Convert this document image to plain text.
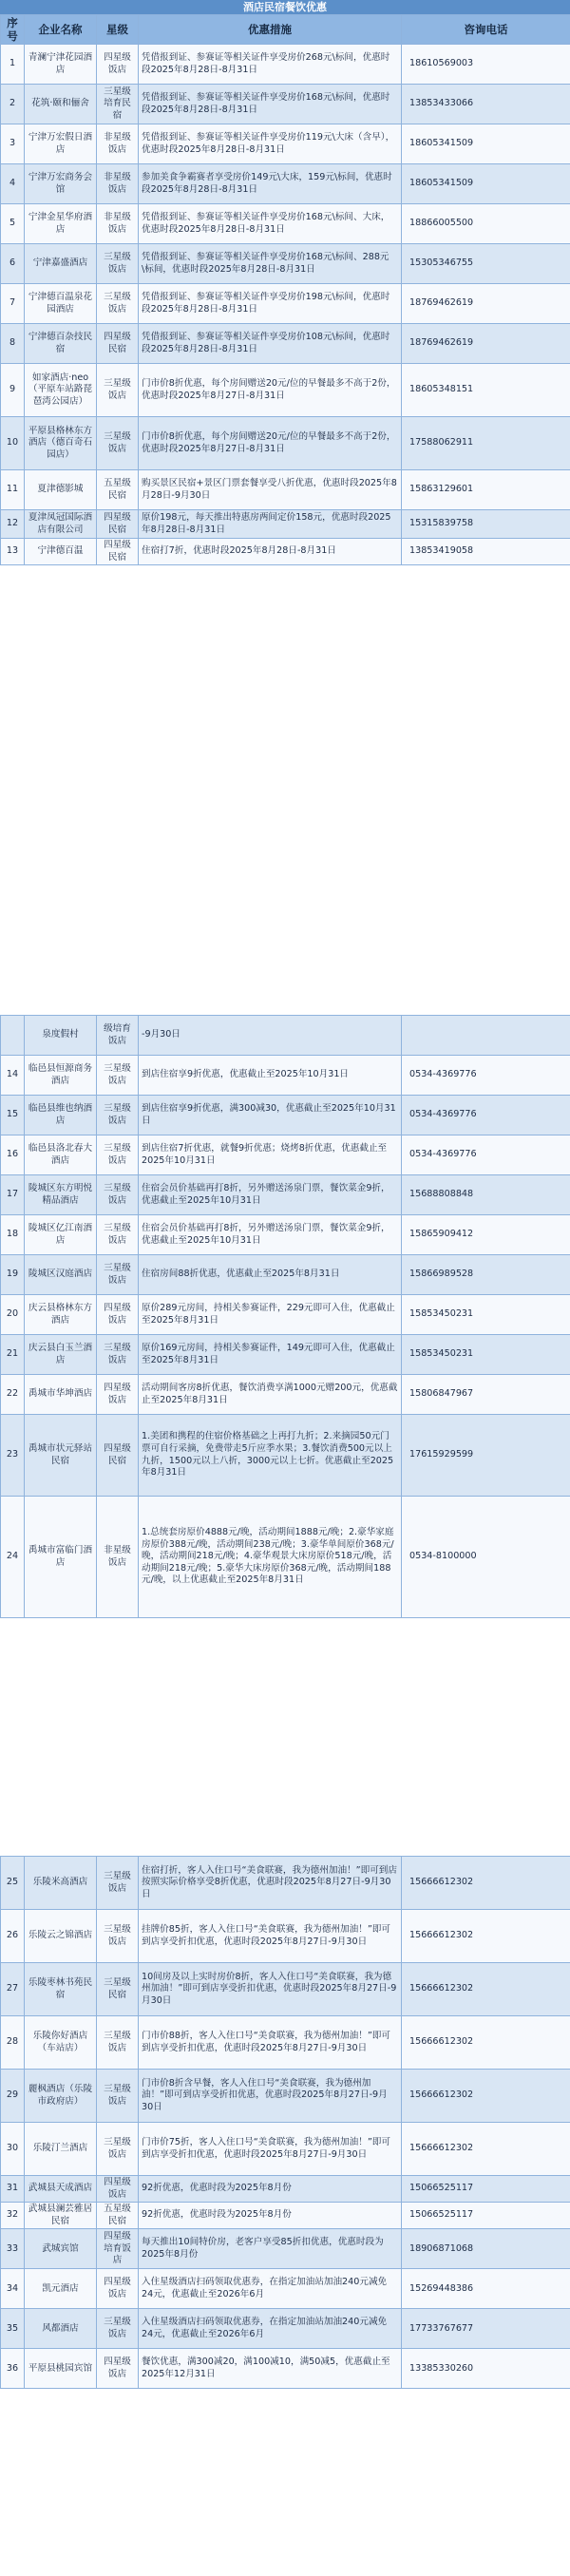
酒店民宿餐饮优惠
序号	企业名称	星级	优惠措施	咨询电话
1	青澜宁津花园酒店	四星级饭店	凭借报到证、参赛证等相关证件享受房价268元\标间，优惠时段2025年8月28日-8月31日	18610569003
2	花筑·颐和俪舍	三星级培育民宿	凭借报到证、参赛证等相关证件享受房价168元\标间，优惠时段2025年8月28日-8月31日	13853433066
3	宁津万宏假日酒店	非星级饭店	凭借报到证、参赛证等相关证件享受房价119元\大床（含早），优惠时段2025年8月28日-8月31日	18605341509
4	宁津万宏商务会馆	非星级饭店	参加美食争霸赛者享受房价149元\大床，159元\标间，优惠时段2025年8月28日-8月31日	18605341509
5	宁津金星华府酒店	非星级饭店	凭借报到证、参赛证等相关证件享受房价168元\标间、大床，优惠时段2025年8月28日-8月31日	18866005500
6	宁津嘉盛酒店	三星级饭店	凭借报到证、参赛证等相关证件享受房价168元\标间、288元\标间，优惠时段2025年8月28日-8月31日	15305346755
7	宁津德百温泉花园酒店	三星级饭店	凭借报到证、参赛证等相关证件享受房价198元\标间，优惠时段2025年8月28日-8月31日	18769462619
8	宁津德百杂技民宿	四星级民宿	凭借报到证、参赛证等相关证件享受房价108元\标间，优惠时段2025年8月28日-8月31日	18769462619
9	如家酒店·neo（平原车站路琵琶湾公园店）	三星级饭店	门市价8折优惠，每个房间赠送20元/位的早餐最多不高于2份，优惠时段2025年8月27日-8月31日	18605348151
10	平原县格林东方酒店（德百奇石园店）	三星级饭店	门市价8折优惠，每个房间赠送20元/位的早餐最多不高于2份，优惠时段2025年8月27日-8月31日	17588062911
11	夏津德影城	五星级民宿	购买景区民宿+景区门票套餐享受八折优惠，优惠时段2025年8月28日-9月30日	15863129601
12	夏津凤冠国际酒店有限公司	四星级民宿	原价198元，每天推出特惠房两间定价158元，优惠时段2025年8月28日-8月31日	15315839758
13	宁津德百温	四星级民宿	住宿打7折，优惠时段2025年8月28日-8月31日	13853419058
	泉度假村	级培育饭店	-9月30日	
14	临邑县恒源商务酒店	三星级饭店	到店住宿享9折优惠，优惠截止至2025年10月31日	0534-4369776
15	临邑县维也纳酒店	三星级饭店	到店住宿享9折优惠，满300减30，优惠截止至2025年10月31日	0534-4369776
16	临邑县洛北春大酒店	三星级饭店	到店住宿7折优惠，就餐9折优惠；烧烤8折优惠，优惠截止至2025年10月31日	0534-4369776
17	陵城区东方明悦精品酒店	三星级饭店	住宿会员价基础再打8折，另外赠送汤泉门票，餐饮菜金9折，优惠截止至2025年10月31日	15688808848
18	陵城区亿江南酒店	三星级饭店	住宿会员价基础再打8折，另外赠送汤泉门票，餐饮菜金9折，优惠截止至2025年10月31日	15865909412
19	陵城区汉庭酒店	三星级饭店	住宿房间88折优惠，优惠截止至2025年8月31日	15866989528
20	庆云县格林东方酒店	四星级饭店	原价289元房间，持相关参赛证件，229元即可入住，优惠截止至2025年8月31日	15853450231
21	庆云县白玉兰酒店	三星级饭店	原价169元房间，持相关参赛证件，149元即可入住，优惠截止至2025年8月31日	15853450231
22	禹城市华坤酒店	四星级饭店	活动期间客房8折优惠，餐饮消费享满1000元赠200元，优惠截止至2025年8月31日	15806847967
23	禹城市状元驿站民宿	四星级民宿	1.美团和携程的住宿价格基础之上再打九折；2.来摘园50元门票可自行采摘，免费带走5斤应季水果；3.餐饮消费500元以上九折，1500元以上八折，3000元以上七折。优惠截止至2025年8月31日	17615929599
24	禹城市富临门酒店	非星级饭店	1.总统套房原价4888元/晚，活动期间1888元/晚；2.豪华家庭房原价388元/晚，活动期间238元/晚；3.豪华单间原价368元/晚，活动期间218元/晚；4.豪华观景大床房原价518元/晚，活动期间218元/晚；5.豪华大床房原价368元/晚，活动期间188元/晚，以上优惠截止至2025年8月31日	0534-8100000
25	乐陵米高酒店	三星级饭店	住宿打折，客人入住口号“美食联赛，我为德州加油！”即可到店按照实际价格享受8折优惠，优惠时段2025年8月27日-9月30日	15666612302
26	乐陵云之锦酒店	三星级饭店	挂牌价85折，客人入住口号“美食联赛，我为德州加油！”即可到店享受折扣优惠，优惠时段2025年8月27日-9月30日	15666612302
27	乐陵枣林书苑民宿	三星级民宿	10间房及以上实时房价8折，客人入住口号“美食联赛，我为德州加油！”即可到店享受折扣优惠，优惠时段2025年8月27日-9月30日	15666612302
28	乐陵你好酒店（车站店）	三星级饭店	门市价88折，客人入住口号“美食联赛，我为德州加油！”即可到店享受折扣优惠，优惠时段2025年8月27日-9月30日	15666612302
29	麗枫酒店（乐陵市政府店）	三星级饭店	门市价8折含早餐，客人入住口号“美食联赛，我为德州加油！”即可到店享受折扣优惠，优惠时段2025年8月27日-9月30日	15666612302
30	乐陵汀兰酒店	三星级饭店	门市价75折，客人入住口号“美食联赛，我为德州加油！”即可到店享受折扣优惠，优惠时段2025年8月27日-9月30日	15666612302
31	武城县天成酒店	四星级饭店	92折优惠，优惠时段为2025年8月份	15066525117
32	武城县澜芸雅居民宿	五星级民宿	92折优惠，优惠时段为2025年8月份	15066525117
33	武城宾馆	四星级培育饭店	每天推出10间特价房，老客户享受85折扣优惠，优惠时段为2025年8月份	18906871068
34	凯元酒店	四星级饭店	入住星级酒店扫码领取优惠券，在指定加油站加油240元减免24元，优惠截止至2026年6月	15269448386
35	风都酒店	三星级饭店	入住星级酒店扫码领取优惠券，在指定加油站加油240元减免24元，优惠截止至2026年6月	17733767677
36	平原县桃园宾馆	四星级饭店	餐饮优惠，满300减20，满100减10，满50减5，优惠截止至2025年12月31日	13385330260
